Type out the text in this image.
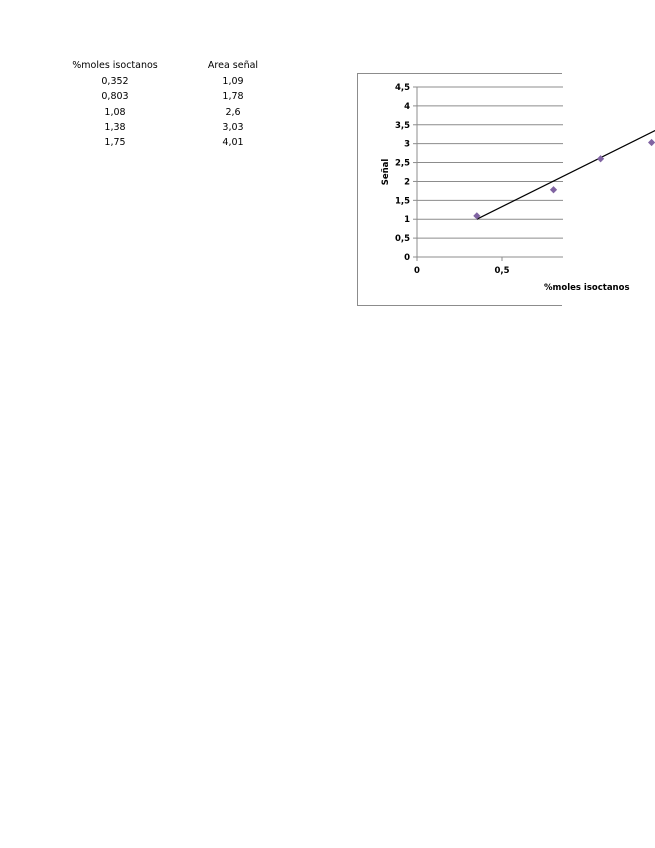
%moles isoctanos	Area señal
0,352	1,09
0,803	1,78
1,08	2,6
1,38	3,03
1,75	4,01
0
0,5
1
1,5
2
2,5
3
3,5
4
4,5
0	0,5
Señal
%moles isoctanos
